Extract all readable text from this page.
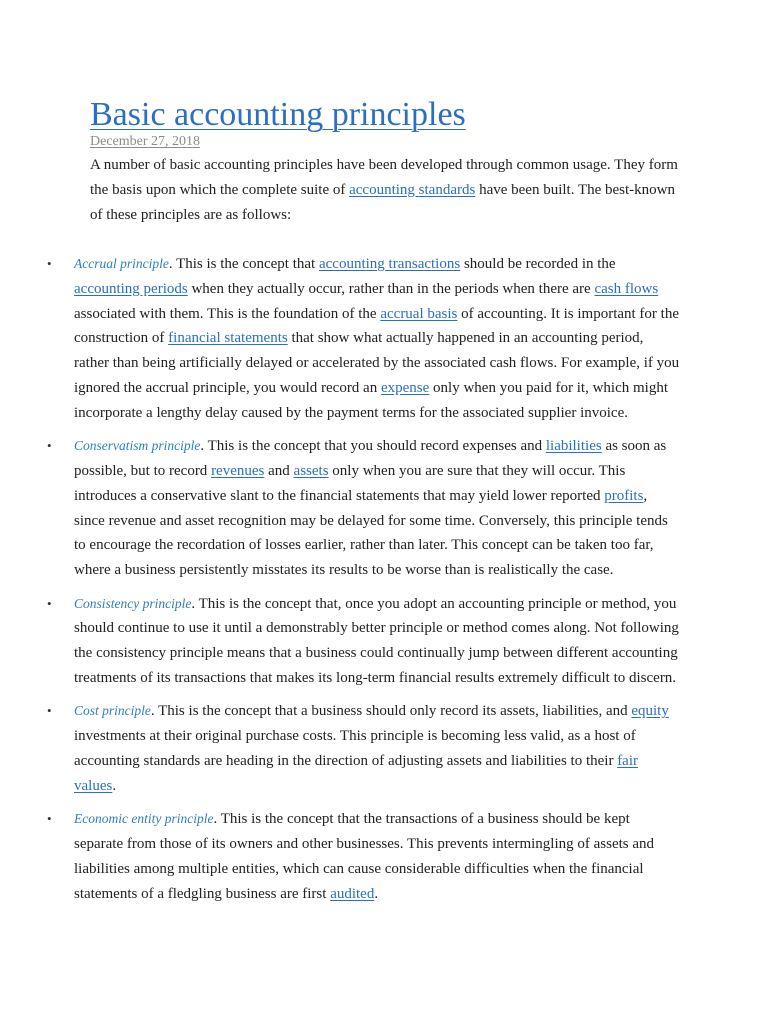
Basic accounting principles
December 27, 2018

A number of basic accounting principles have been developed through common usage. They form the basis upon which the complete suite of accounting standards have been built. The best-known of these principles are as follows:

• Accrual principle. This is the concept that accounting transactions should be recorded in the accounting periods when they actually occur, rather than in the periods when there are cash flows associated with them. This is the foundation of the accrual basis of accounting. It is important for the construction of financial statements that show what actually happened in an accounting period, rather than being artificially delayed or accelerated by the associated cash flows. For example, if you ignored the accrual principle, you would record an expense only when you paid for it, which might incorporate a lengthy delay caused by the payment terms for the associated supplier invoice.
• Conservatism principle. This is the concept that you should record expenses and liabilities as soon as possible, but to record revenues and assets only when you are sure that they will occur. This introduces a conservative slant to the financial statements that may yield lower reported profits, since revenue and asset recognition may be delayed for some time. Conversely, this principle tends to encourage the recordation of losses earlier, rather than later. This concept can be taken too far, where a business persistently misstates its results to be worse than is realistically the case.
• Consistency principle. This is the concept that, once you adopt an accounting principle or method, you should continue to use it until a demonstrably better principle or method comes along. Not following the consistency principle means that a business could continually jump between different accounting treatments of its transactions that makes its long-term financial results extremely difficult to discern.
• Cost principle. This is the concept that a business should only record its assets, liabilities, and equity investments at their original purchase costs. This principle is becoming less valid, as a host of accounting standards are heading in the direction of adjusting assets and liabilities to their fair values.
• Economic entity principle. This is the concept that the transactions of a business should be kept separate from those of its owners and other businesses. This prevents intermingling of assets and liabilities among multiple entities, which can cause considerable difficulties when the financial statements of a fledgling business are first audited.
